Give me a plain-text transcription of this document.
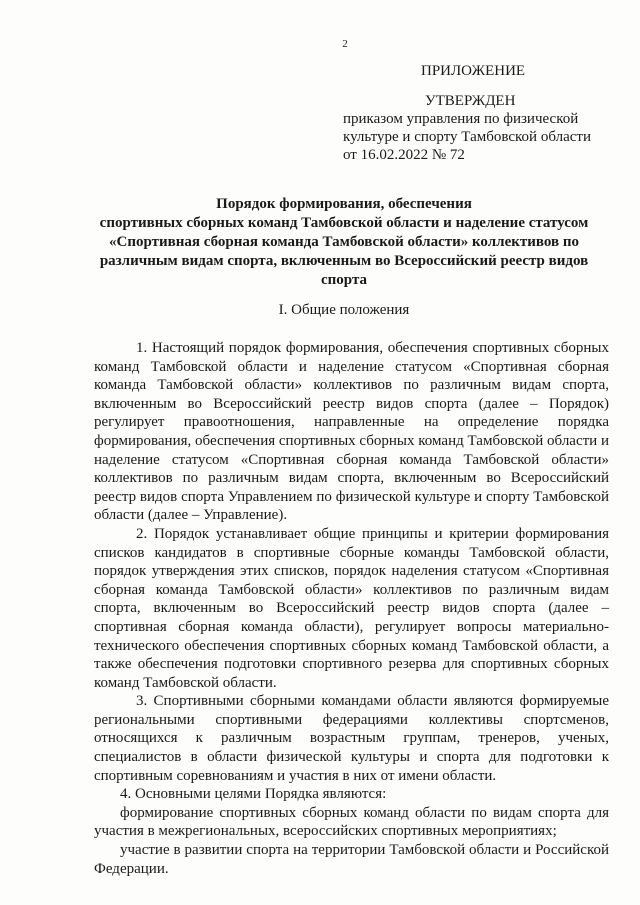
2
ПРИЛОЖЕНИЕ
УТВЕРЖДЕН
приказом управления по физической
культуре и спорту Тамбовской области
от 16.02.2022 № 72
Порядок формирования, обеспечения
спортивных сборных команд Тамбовской области и наделение статусом
«Спортивная сборная команда Тамбовской области» коллективов по
различным видам спорта, включенным во Всероссийский реестр видов
спорта
I. Общие положения

1. Настоящий порядок формирования, обеспечения спортивных сборных команд Тамбовской области и наделение статусом «Спортивная сборная команда Тамбовской области» коллективов по различным видам спорта, включенным во Всероссийский реестр видов спорта (далее – Порядок) регулирует правоотношения, направленные на определение порядка формирования, обеспечения спортивных сборных команд Тамбовской области и наделение статусом «Спортивная сборная команда Тамбовской области» коллективов по различным видам спорта, включенным во Всероссийский реестр видов спорта Управлением по физической культуре и спорту Тамбовской области (далее – Управление).

2. Порядок устанавливает общие принципы и критерии формирования списков кандидатов в спортивные сборные команды Тамбовской области, порядок утверждения этих списков, порядок наделения статусом «Спортивная сборная команда Тамбовской области» коллективов по различным видам спорта, включенным во Всероссийский реестр видов спорта (далее – спортивная сборная команда области), регулирует вопросы материально-технического обеспечения спортивных сборных команд Тамбовской области, а также обеспечения подготовки спортивного резерва для спортивных сборных команд Тамбовской области.

3. Спортивными сборными командами области являются формируемые региональными спортивными федерациями коллективы спортсменов, относящихся к различным возрастным группам, тренеров, ученых, специалистов в области физической культуры и спорта для подготовки к спортивным соревнованиям и участия в них от имени области.

4. Основными целями Порядка являются:

формирование спортивных сборных команд области по видам спорта для участия в межрегиональных, всероссийских спортивных мероприятиях;

участие в развитии спорта на территории Тамбовской области и Российской Федерации.
